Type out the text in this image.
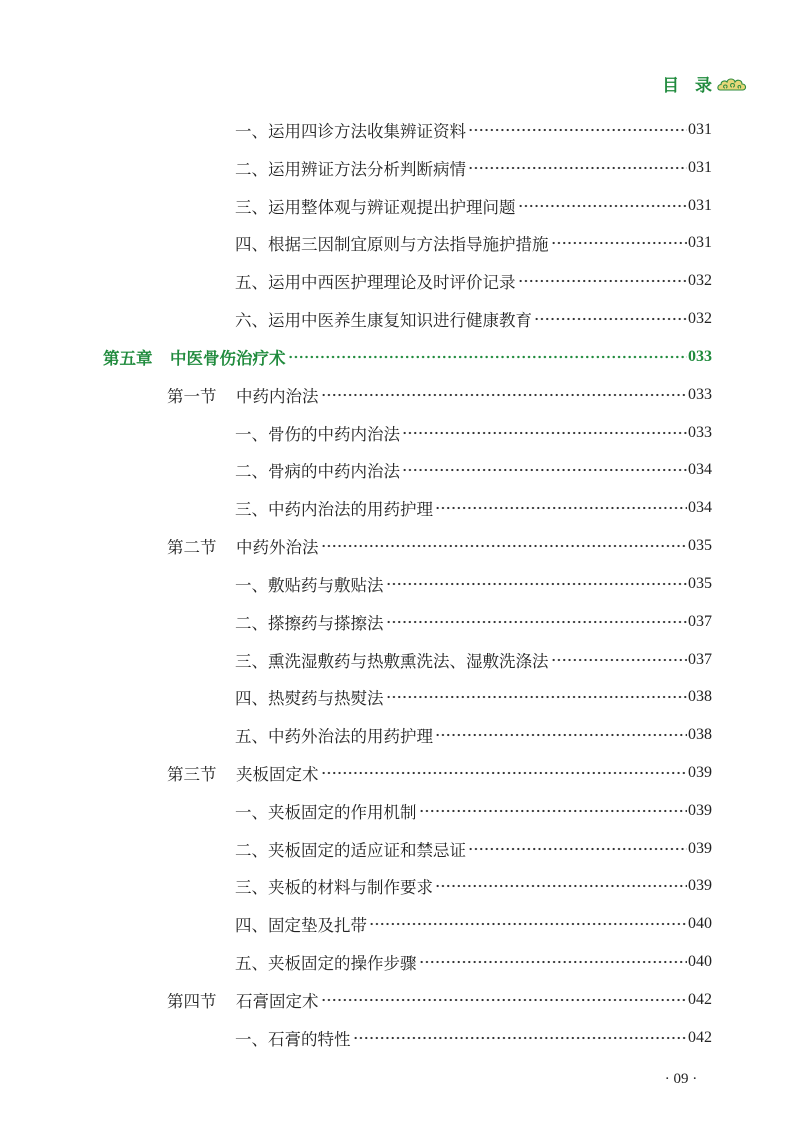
目 录
一、运用四诊方法收集辨证资料	031
二、运用辨证方法分析判断病情	031
三、运用整体观与辨证观提出护理问题	031
四、根据三因制宜原则与方法指导施护措施	031
五、运用中西医护理理论及时评价记录	032
六、运用中医养生康复知识进行健康教育	032
第五章	中医骨伤治疗术	033
第一节	中药内治法	033
一、骨伤的中药内治法	033
二、骨病的中药内治法	034
三、中药内治法的用药护理	034
第二节	中药外治法	035
一、敷贴药与敷贴法	035
二、搽擦药与搽擦法	037
三、熏洗湿敷药与热敷熏洗法、湿敷洗涤法	037
四、热熨药与热熨法	038
五、中药外治法的用药护理	038
第三节	夹板固定术	039
一、夹板固定的作用机制	039
二、夹板固定的适应证和禁忌证	039
三、夹板的材料与制作要求	039
四、固定垫及扎带	040
五、夹板固定的操作步骤	040
第四节	石膏固定术	042
一、石膏的特性	042
· 09 ·
